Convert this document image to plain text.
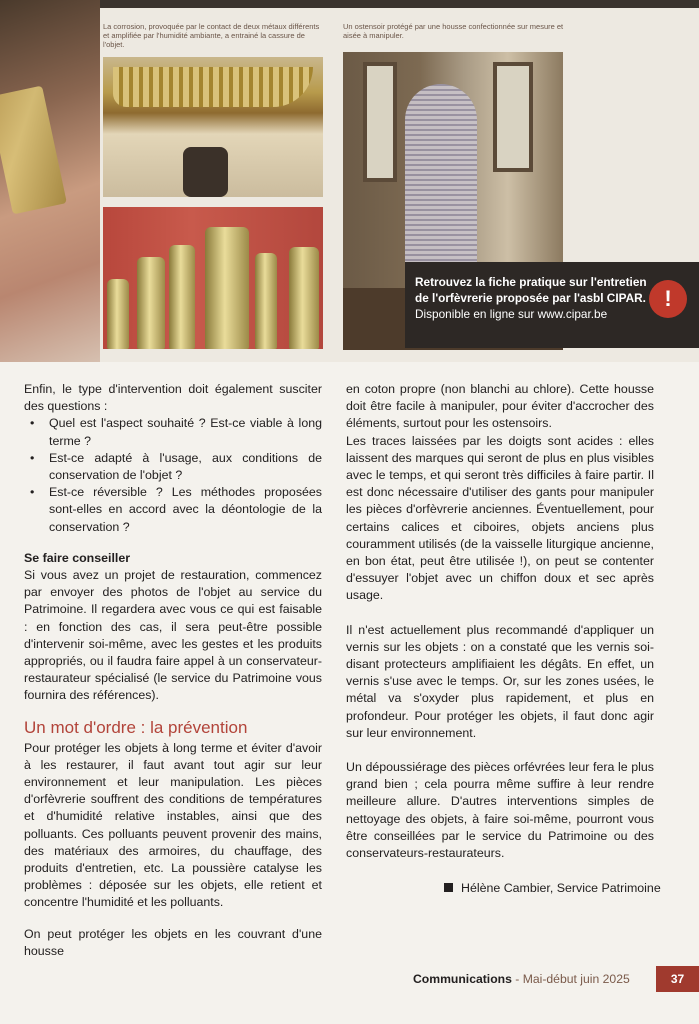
La corrosion, provoquée par le contact de deux métaux différents et amplifiée par l'humidité ambiante, a entrainé la cassure de l'objet.
Un ostensoir protégé par une housse confectionnée sur mesure et aisée à manipuler.
Retrouvez la fiche pratique sur l'entretien
de l'orfèvrerie proposée par l'asbl CIPAR.
Disponible en ligne sur www.cipar.be
!

Enfin, le type d'intervention doit également susciter des questions :

• Quel est l'aspect souhaité ? Est-ce viable à long terme ?
• Est-ce adapté à l'usage, aux conditions de conservation de l'objet ?
• Est-ce réversible ? Les méthodes proposées sont-elles en accord avec la déontologie de la conservation ?
Se faire conseiller

Si vous avez un projet de restauration, commencez par envoyer des photos de l'objet au service du Patrimoine. Il regardera avec vous ce qui est faisable : en fonction des cas, il sera peut-être possible d'intervenir soi-même, avec les gestes et les produits appropriés, ou il faudra faire appel à un conservateur-restaurateur spécialisé (le service du Patrimoine vous fournira des références).

Un mot d'ordre : la prévention

Pour protéger les objets à long terme et éviter d'avoir à les restaurer, il faut avant tout agir sur leur environnement et leur manipulation. Les pièces d'orfèvrerie souffrent des conditions de températures et d'humidité relative instables, ainsi que des polluants. Ces polluants peuvent provenir des mains, des matériaux des armoires, du chauffage, des produits d'entretien, etc. La poussière catalyse les problèmes : déposée sur les objets, elle retient et concentre l'humidité et les polluants.

On peut protéger les objets en les couvrant d'une housse

en coton propre (non blanchi au chlore). Cette housse doit être facile à manipuler, pour éviter d'accrocher des éléments, surtout pour les ostensoirs.

Les traces laissées par les doigts sont acides : elles laissent des marques qui seront de plus en plus visibles avec le temps, et qui seront très difficiles à faire partir. Il est donc nécessaire d'utiliser des gants pour manipuler les pièces d'orfèvrerie anciennes. Éventuellement, pour certains calices et ciboires, objets anciens plus couramment utilisés (de la vaisselle liturgique ancienne, en bon état, peut être utilisée !), on peut se contenter d'essuyer l'objet avec un chiffon doux et sec après usage.

Il n'est actuellement plus recommandé d'appliquer un vernis sur les objets : on a constaté que les vernis soi-disant protecteurs amplifiaient les dégâts. En effet, un vernis s'use avec le temps. Or, sur les zones usées, le métal va s'oxyder plus rapidement, et plus en profondeur. Pour protéger les objets, il faut donc agir sur leur environnement.

Un dépoussiérage des pièces orfévrées leur fera le plus grand bien ; cela pourra même suffire à leur rendre meilleure allure. D'autres interventions simples de nettoyage des objets, à faire soi-même, pourront vous être conseillées par le service du Patrimoine ou des conservateurs-restaurateurs.

Hélène Cambier, Service Patrimoine
Communications - Mai-début juin 2025	37
